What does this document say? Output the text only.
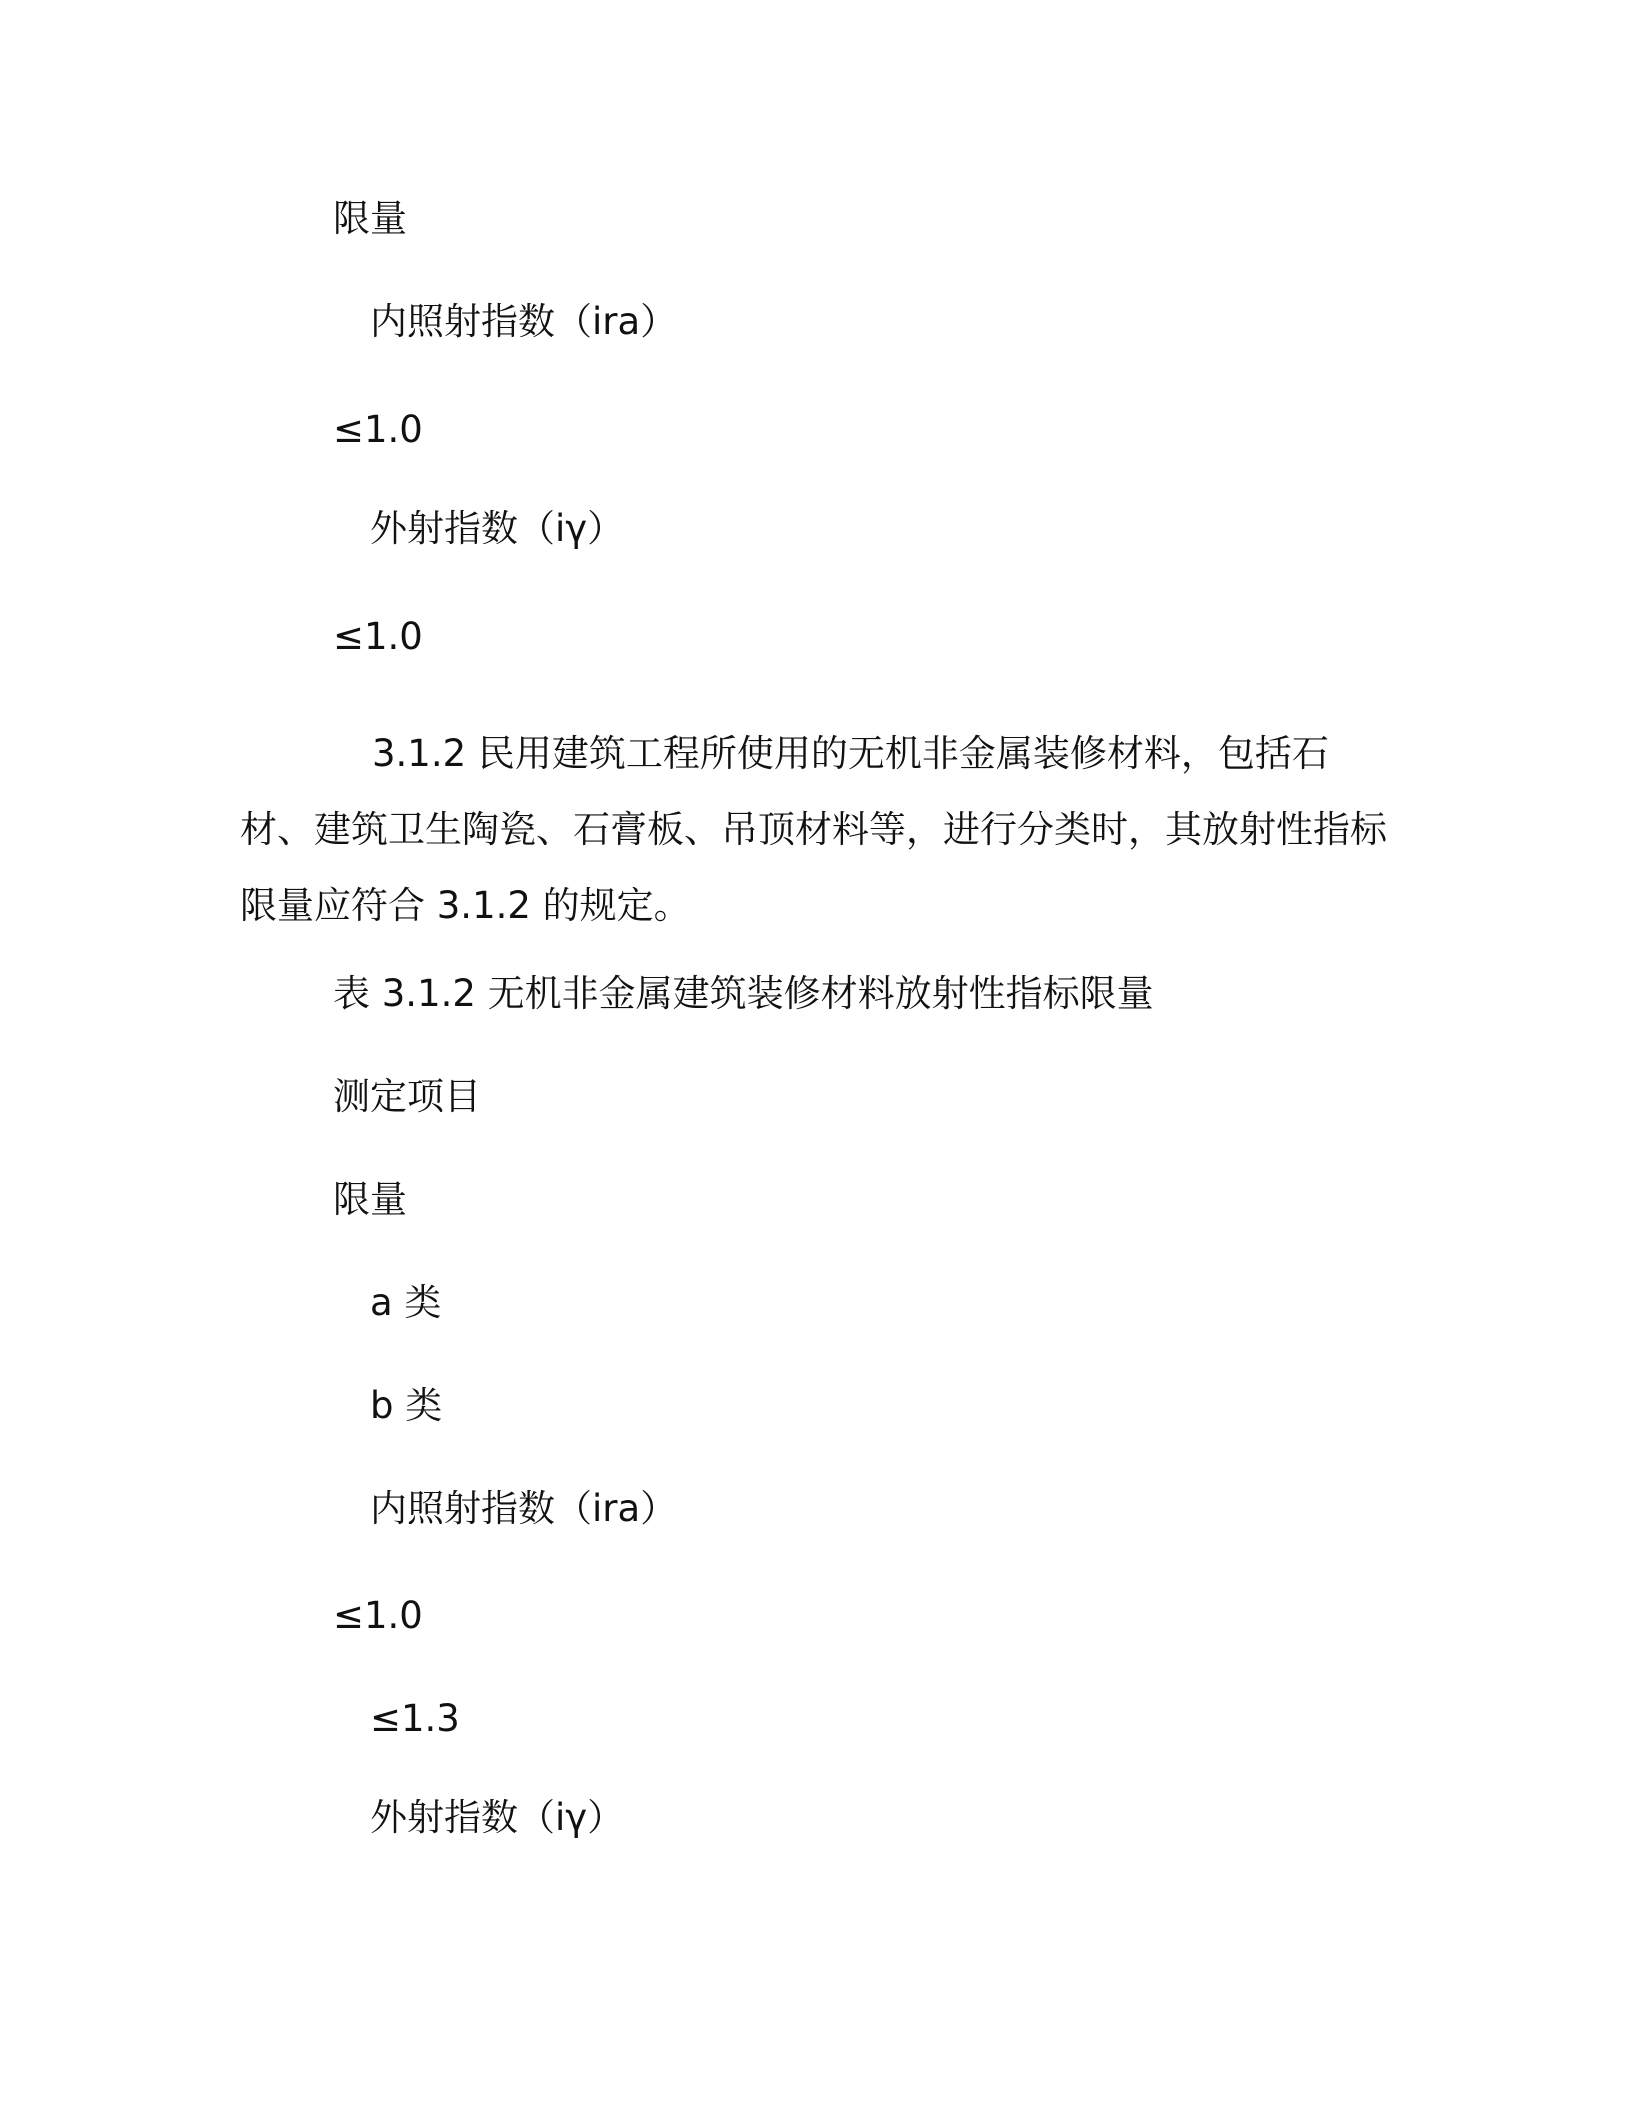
限量
内照射指数（ira）
≤1.0
外射指数（iγ）
≤1.0
3.1.2 民用建筑工程所使用的无机非金属装修材料，包括石材、建筑卫生陶瓷、石膏板、吊顶材料等，进行分类时，其放射性指标限量应符合 3.1.2 的规定。
表 3.1.2 无机非金属建筑装修材料放射性指标限量
测定项目
限量
a 类
b 类
内照射指数（ira）
≤1.0
≤1.3
外射指数（iγ）
